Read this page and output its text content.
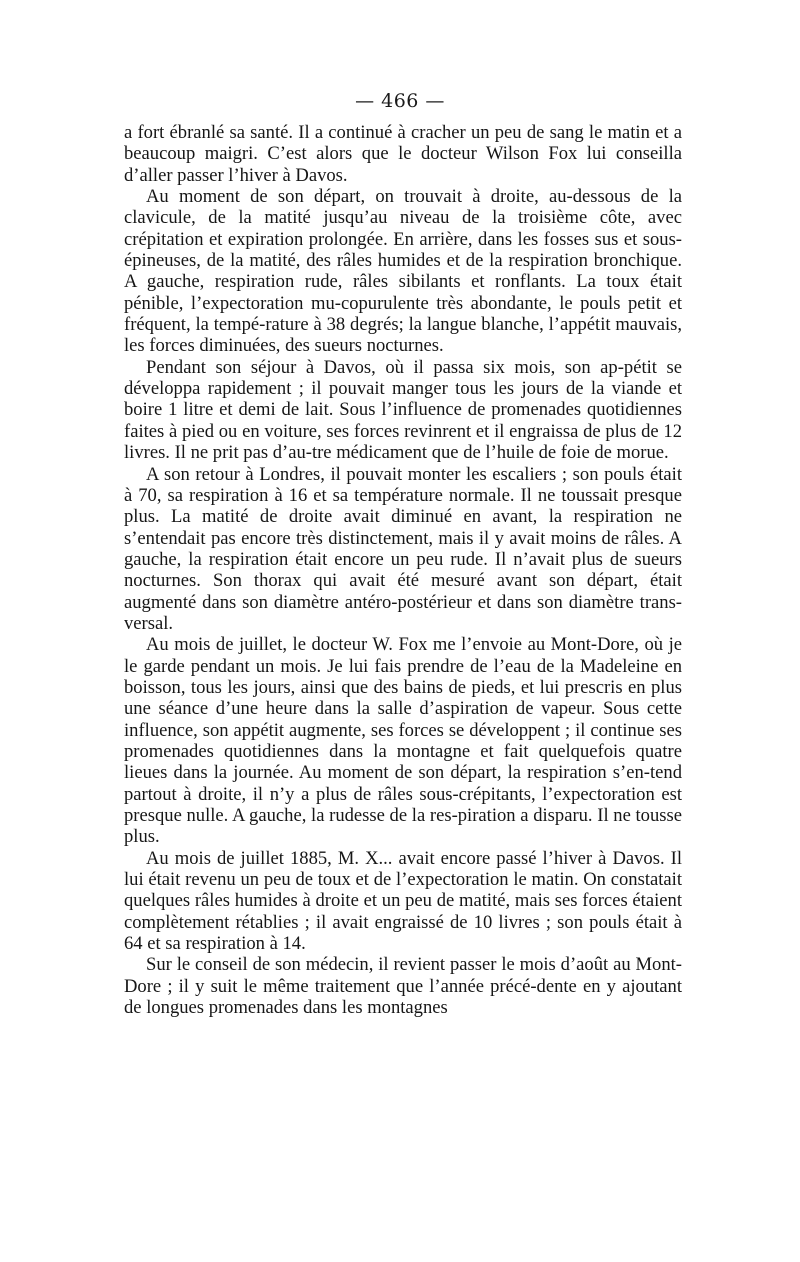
— 466 —

a fort ébranlé sa santé. Il a continué à cracher un peu de sang le matin et a beaucoup maigri. C’est alors que le docteur Wilson Fox lui conseilla d’aller passer l’hiver à Davos.

Au moment de son départ, on trouvait à droite, au-dessous de la clavicule, de la matité jusqu’au niveau de la troisième côte, avec crépitation et expiration prolongée. En arrière, dans les fosses sus et sous-épineuses, de la matité, des râles humides et de la respiration bronchique. A gauche, respiration rude, râles sibilants et ronflants. La toux était pénible, l’expectoration mu-copurulente très abondante, le pouls petit et fréquent, la tempé-rature à 38 degrés; la langue blanche, l’appétit mauvais, les forces diminuées, des sueurs nocturnes.

Pendant son séjour à Davos, où il passa six mois, son ap-pétit se développa rapidement ; il pouvait manger tous les jours de la viande et boire 1 litre et demi de lait. Sous l’influence de promenades quotidiennes faites à pied ou en voiture, ses forces revinrent et il engraissa de plus de 12 livres. Il ne prit pas d’au-tre médicament que de l’huile de foie de morue.

A son retour à Londres, il pouvait monter les escaliers ; son pouls était à 70, sa respiration à 16 et sa température normale. Il ne toussait presque plus. La matité de droite avait diminué en avant, la respiration ne s’entendait pas encore très distinctement, mais il y avait moins de râles. A gauche, la respiration était encore un peu rude. Il n’avait plus de sueurs nocturnes. Son thorax qui avait été mesuré avant son départ, était augmenté dans son diamètre antéro-postérieur et dans son diamètre trans-versal.

Au mois de juillet, le docteur W. Fox me l’envoie au Mont-Dore, où je le garde pendant un mois. Je lui fais prendre de l’eau de la Madeleine en boisson, tous les jours, ainsi que des bains de pieds, et lui prescris en plus une séance d’une heure dans la salle d’aspiration de vapeur. Sous cette influence, son appétit augmente, ses forces se développent ; il continue ses promenades quotidiennes dans la montagne et fait quelquefois quatre lieues dans la journée. Au moment de son départ, la respiration s’en-tend partout à droite, il n’y a plus de râles sous-crépitants, l’expectoration est presque nulle. A gauche, la rudesse de la res-piration a disparu. Il ne tousse plus.

Au mois de juillet 1885, M. X... avait encore passé l’hiver à Davos. Il lui était revenu un peu de toux et de l’expectoration le matin. On constatait quelques râles humides à droite et un peu de matité, mais ses forces étaient complètement rétablies ; il avait engraissé de 10 livres ; son pouls était à 64 et sa respiration à 14.

Sur le conseil de son médecin, il revient passer le mois d’août au Mont-Dore ; il y suit le même traitement que l’année précé-dente en y ajoutant de longues promenades dans les montagnes
